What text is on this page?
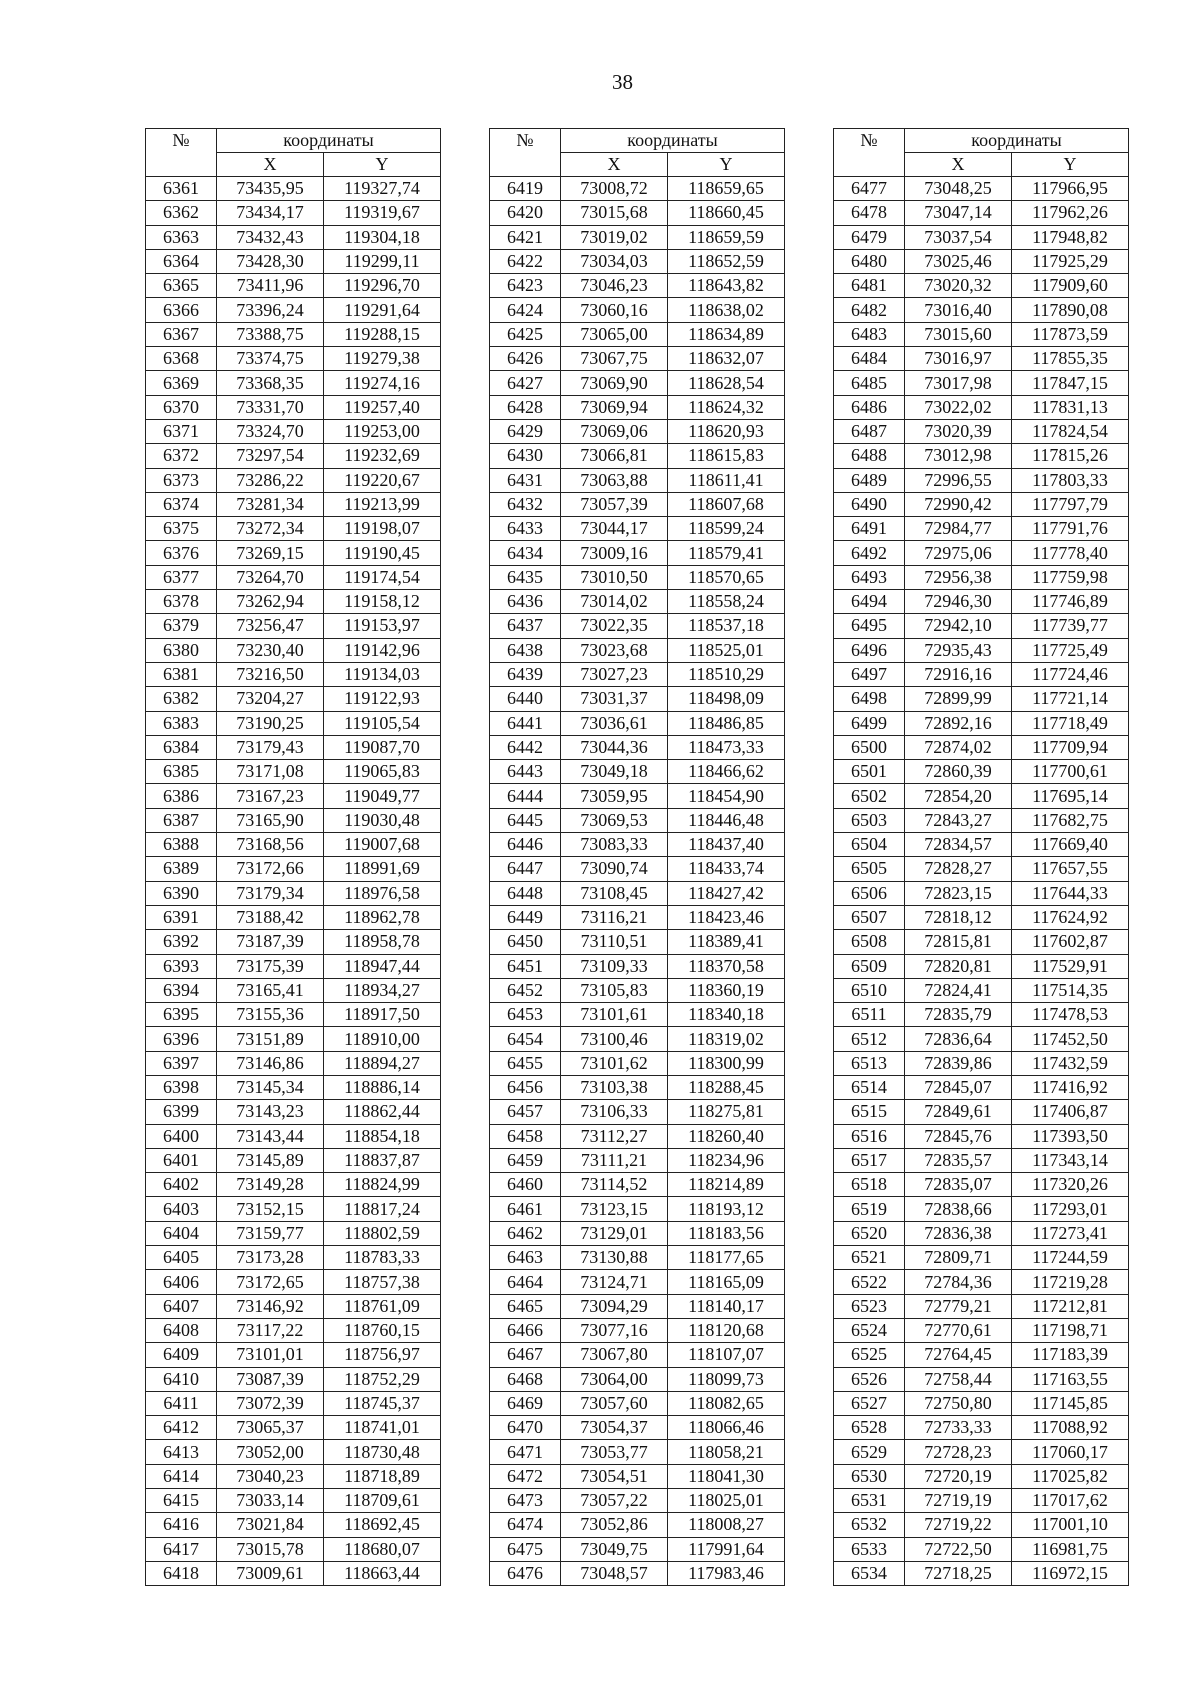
38
№	координаты	
	X	Y
6361	73435,95	119327,74
6362	73434,17	119319,67
6363	73432,43	119304,18
6364	73428,30	119299,11
6365	73411,96	119296,70
6366	73396,24	119291,64
6367	73388,75	119288,15
6368	73374,75	119279,38
6369	73368,35	119274,16
6370	73331,70	119257,40
6371	73324,70	119253,00
6372	73297,54	119232,69
6373	73286,22	119220,67
6374	73281,34	119213,99
6375	73272,34	119198,07
6376	73269,15	119190,45
6377	73264,70	119174,54
6378	73262,94	119158,12
6379	73256,47	119153,97
6380	73230,40	119142,96
6381	73216,50	119134,03
6382	73204,27	119122,93
6383	73190,25	119105,54
6384	73179,43	119087,70
6385	73171,08	119065,83
6386	73167,23	119049,77
6387	73165,90	119030,48
6388	73168,56	119007,68
6389	73172,66	118991,69
6390	73179,34	118976,58
6391	73188,42	118962,78
6392	73187,39	118958,78
6393	73175,39	118947,44
6394	73165,41	118934,27
6395	73155,36	118917,50
6396	73151,89	118910,00
6397	73146,86	118894,27
6398	73145,34	118886,14
6399	73143,23	118862,44
6400	73143,44	118854,18
6401	73145,89	118837,87
6402	73149,28	118824,99
6403	73152,15	118817,24
6404	73159,77	118802,59
6405	73173,28	118783,33
6406	73172,65	118757,38
6407	73146,92	118761,09
6408	73117,22	118760,15
6409	73101,01	118756,97
6410	73087,39	118752,29
6411	73072,39	118745,37
6412	73065,37	118741,01
6413	73052,00	118730,48
6414	73040,23	118718,89
6415	73033,14	118709,61
6416	73021,84	118692,45
6417	73015,78	118680,07
6418	73009,61	118663,44
№	координаты	
	X	Y
6419	73008,72	118659,65
6420	73015,68	118660,45
6421	73019,02	118659,59
6422	73034,03	118652,59
6423	73046,23	118643,82
6424	73060,16	118638,02
6425	73065,00	118634,89
6426	73067,75	118632,07
6427	73069,90	118628,54
6428	73069,94	118624,32
6429	73069,06	118620,93
6430	73066,81	118615,83
6431	73063,88	118611,41
6432	73057,39	118607,68
6433	73044,17	118599,24
6434	73009,16	118579,41
6435	73010,50	118570,65
6436	73014,02	118558,24
6437	73022,35	118537,18
6438	73023,68	118525,01
6439	73027,23	118510,29
6440	73031,37	118498,09
6441	73036,61	118486,85
6442	73044,36	118473,33
6443	73049,18	118466,62
6444	73059,95	118454,90
6445	73069,53	118446,48
6446	73083,33	118437,40
6447	73090,74	118433,74
6448	73108,45	118427,42
6449	73116,21	118423,46
6450	73110,51	118389,41
6451	73109,33	118370,58
6452	73105,83	118360,19
6453	73101,61	118340,18
6454	73100,46	118319,02
6455	73101,62	118300,99
6456	73103,38	118288,45
6457	73106,33	118275,81
6458	73112,27	118260,40
6459	73111,21	118234,96
6460	73114,52	118214,89
6461	73123,15	118193,12
6462	73129,01	118183,56
6463	73130,88	118177,65
6464	73124,71	118165,09
6465	73094,29	118140,17
6466	73077,16	118120,68
6467	73067,80	118107,07
6468	73064,00	118099,73
6469	73057,60	118082,65
6470	73054,37	118066,46
6471	73053,77	118058,21
6472	73054,51	118041,30
6473	73057,22	118025,01
6474	73052,86	118008,27
6475	73049,75	117991,64
6476	73048,57	117983,46
№	координаты	
	X	Y
6477	73048,25	117966,95
6478	73047,14	117962,26
6479	73037,54	117948,82
6480	73025,46	117925,29
6481	73020,32	117909,60
6482	73016,40	117890,08
6483	73015,60	117873,59
6484	73016,97	117855,35
6485	73017,98	117847,15
6486	73022,02	117831,13
6487	73020,39	117824,54
6488	73012,98	117815,26
6489	72996,55	117803,33
6490	72990,42	117797,79
6491	72984,77	117791,76
6492	72975,06	117778,40
6493	72956,38	117759,98
6494	72946,30	117746,89
6495	72942,10	117739,77
6496	72935,43	117725,49
6497	72916,16	117724,46
6498	72899,99	117721,14
6499	72892,16	117718,49
6500	72874,02	117709,94
6501	72860,39	117700,61
6502	72854,20	117695,14
6503	72843,27	117682,75
6504	72834,57	117669,40
6505	72828,27	117657,55
6506	72823,15	117644,33
6507	72818,12	117624,92
6508	72815,81	117602,87
6509	72820,81	117529,91
6510	72824,41	117514,35
6511	72835,79	117478,53
6512	72836,64	117452,50
6513	72839,86	117432,59
6514	72845,07	117416,92
6515	72849,61	117406,87
6516	72845,76	117393,50
6517	72835,57	117343,14
6518	72835,07	117320,26
6519	72838,66	117293,01
6520	72836,38	117273,41
6521	72809,71	117244,59
6522	72784,36	117219,28
6523	72779,21	117212,81
6524	72770,61	117198,71
6525	72764,45	117183,39
6526	72758,44	117163,55
6527	72750,80	117145,85
6528	72733,33	117088,92
6529	72728,23	117060,17
6530	72720,19	117025,82
6531	72719,19	117017,62
6532	72719,22	117001,10
6533	72722,50	116981,75
6534	72718,25	116972,15
